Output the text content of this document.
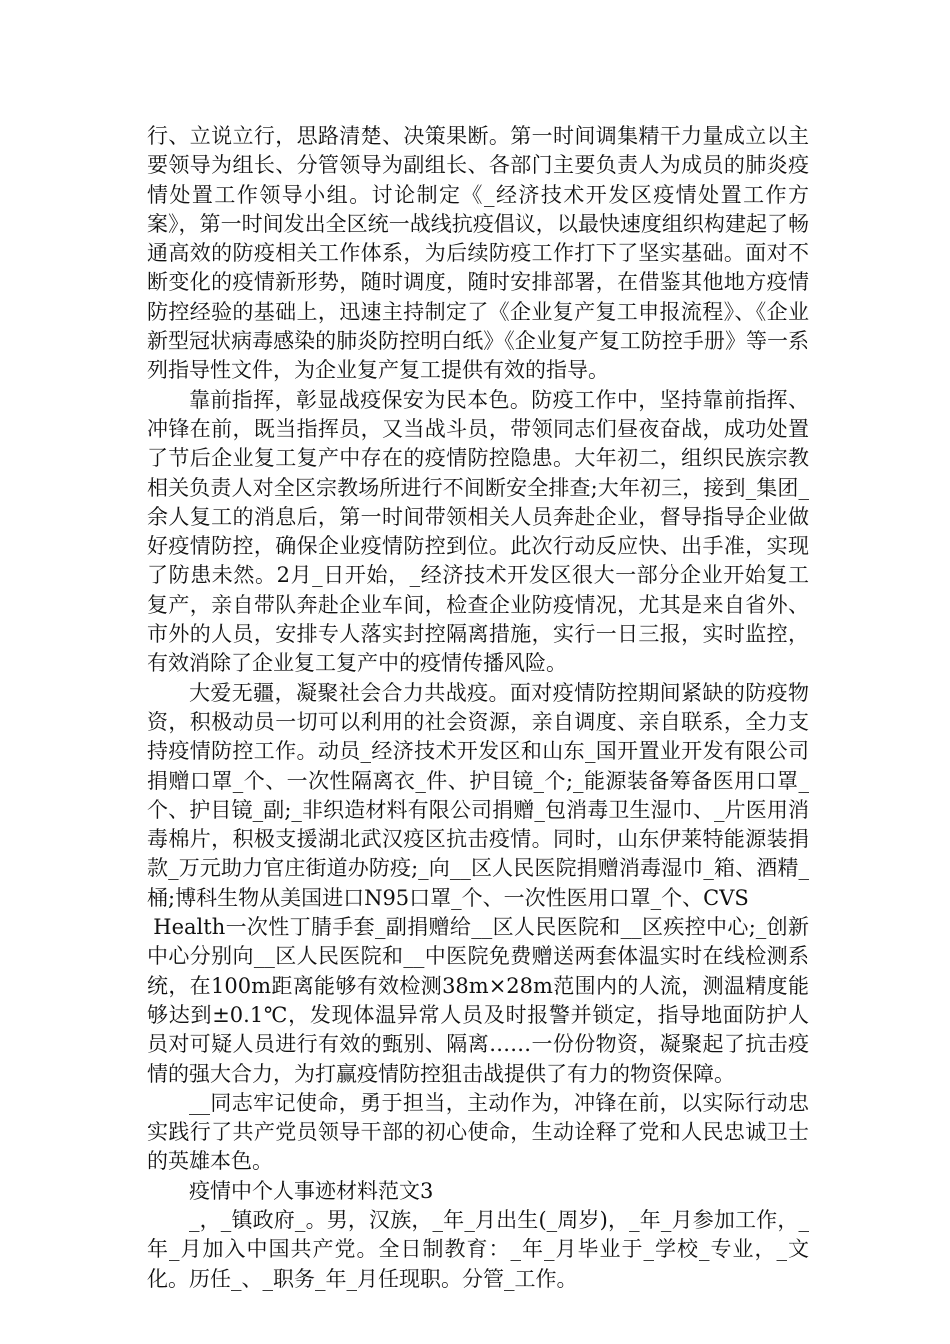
行、立说立行，思路清楚、决策果断。第一时间调集精干力量成立以主要领导为组长、分管领导为副组长、各部门主要负责人为成员的肺炎疫情处置工作领导小组。讨论制定《_经济技术开发区疫情处置工作方案》，第一时间发出全区统一战线抗疫倡议，以最快速度组织构建起了畅通高效的防疫相关工作体系，为后续防疫工作打下了坚实基础。面对不断变化的疫情新形势，随时调度，随时安排部署，在借鉴其他地方疫情防控经验的基础上，迅速主持制定了《企业复产复工申报流程》、《企业新型冠状病毒感染的肺炎防控明白纸》《企业复产复工防控手册》等一系列指导性文件，为企业复产复工提供有效的指导。

靠前指挥，彰显战疫保安为民本色。防疫工作中，坚持靠前指挥、冲锋在前，既当指挥员，又当战斗员，带领同志们昼夜奋战，成功处置了节后企业复工复产中存在的疫情防控隐患。大年初二，组织民族宗教相关负责人对全区宗教场所进行不间断安全排查;大年初三，接到_集团_余人复工的消息后，第一时间带领相关人员奔赴企业，督导指导企业做好疫情防控，确保企业疫情防控到位。此次行动反应快、出手准，实现了防患未然。2月_日开始，_经济技术开发区很大一部分企业开始复工复产，亲自带队奔赴企业车间，检查企业防疫情况，尤其是来自省外、市外的人员，安排专人落实封控隔离措施，实行一日三报，实时监控，有效消除了企业复工复产中的疫情传播风险。

大爱无疆，凝聚社会合力共战疫。面对疫情防控期间紧缺的防疫物资，积极动员一切可以利用的社会资源，亲自调度、亲自联系，全力支持疫情防控工作。动员_经济技术开发区和山东_国开置业开发有限公司捐赠口罩_个、一次性隔离衣_件、护目镜_个;_能源装备筹备医用口罩_个、护目镜_副;_非织造材料有限公司捐赠_包消毒卫生湿巾、_片医用消毒棉片，积极支援湖北武汉疫区抗击疫情。同时，山东伊莱特能源装捐款_万元助力官庄街道办防疫;_向__区人民医院捐赠消毒湿巾_箱、酒精_桶;博科生物从美国进口N95口罩_个、一次性医用口罩_个、CVS

Health一次性丁腈手套_副捐赠给__区人民医院和__区疾控中心;_创新中心分别向__区人民医院和__中医院免费赠送两套体温实时在线检测系统，在100m距离能够有效检测38m×28m范围内的人流，测温精度能够达到±0.1℃，发现体温异常人员及时报警并锁定，指导地面防护人员对可疑人员进行有效的甄别、隔离……一份份物资，凝聚起了抗击疫情的强大合力，为打赢疫情防控狙击战提供了有力的物资保障。

__同志牢记使命，勇于担当，主动作为，冲锋在前，以实际行动忠实践行了共产党员领导干部的初心使命，生动诠释了党和人民忠诚卫士的英雄本色。

疫情中个人事迹材料范文3

_，_镇政府_。男，汉族，_年_月出生(_周岁)，_年_月参加工作，_年_月加入中国共产党。全日制教育：_年_月毕业于_学校_专业，_文化。历任_、_职务_年_月任现职。分管_工作。
